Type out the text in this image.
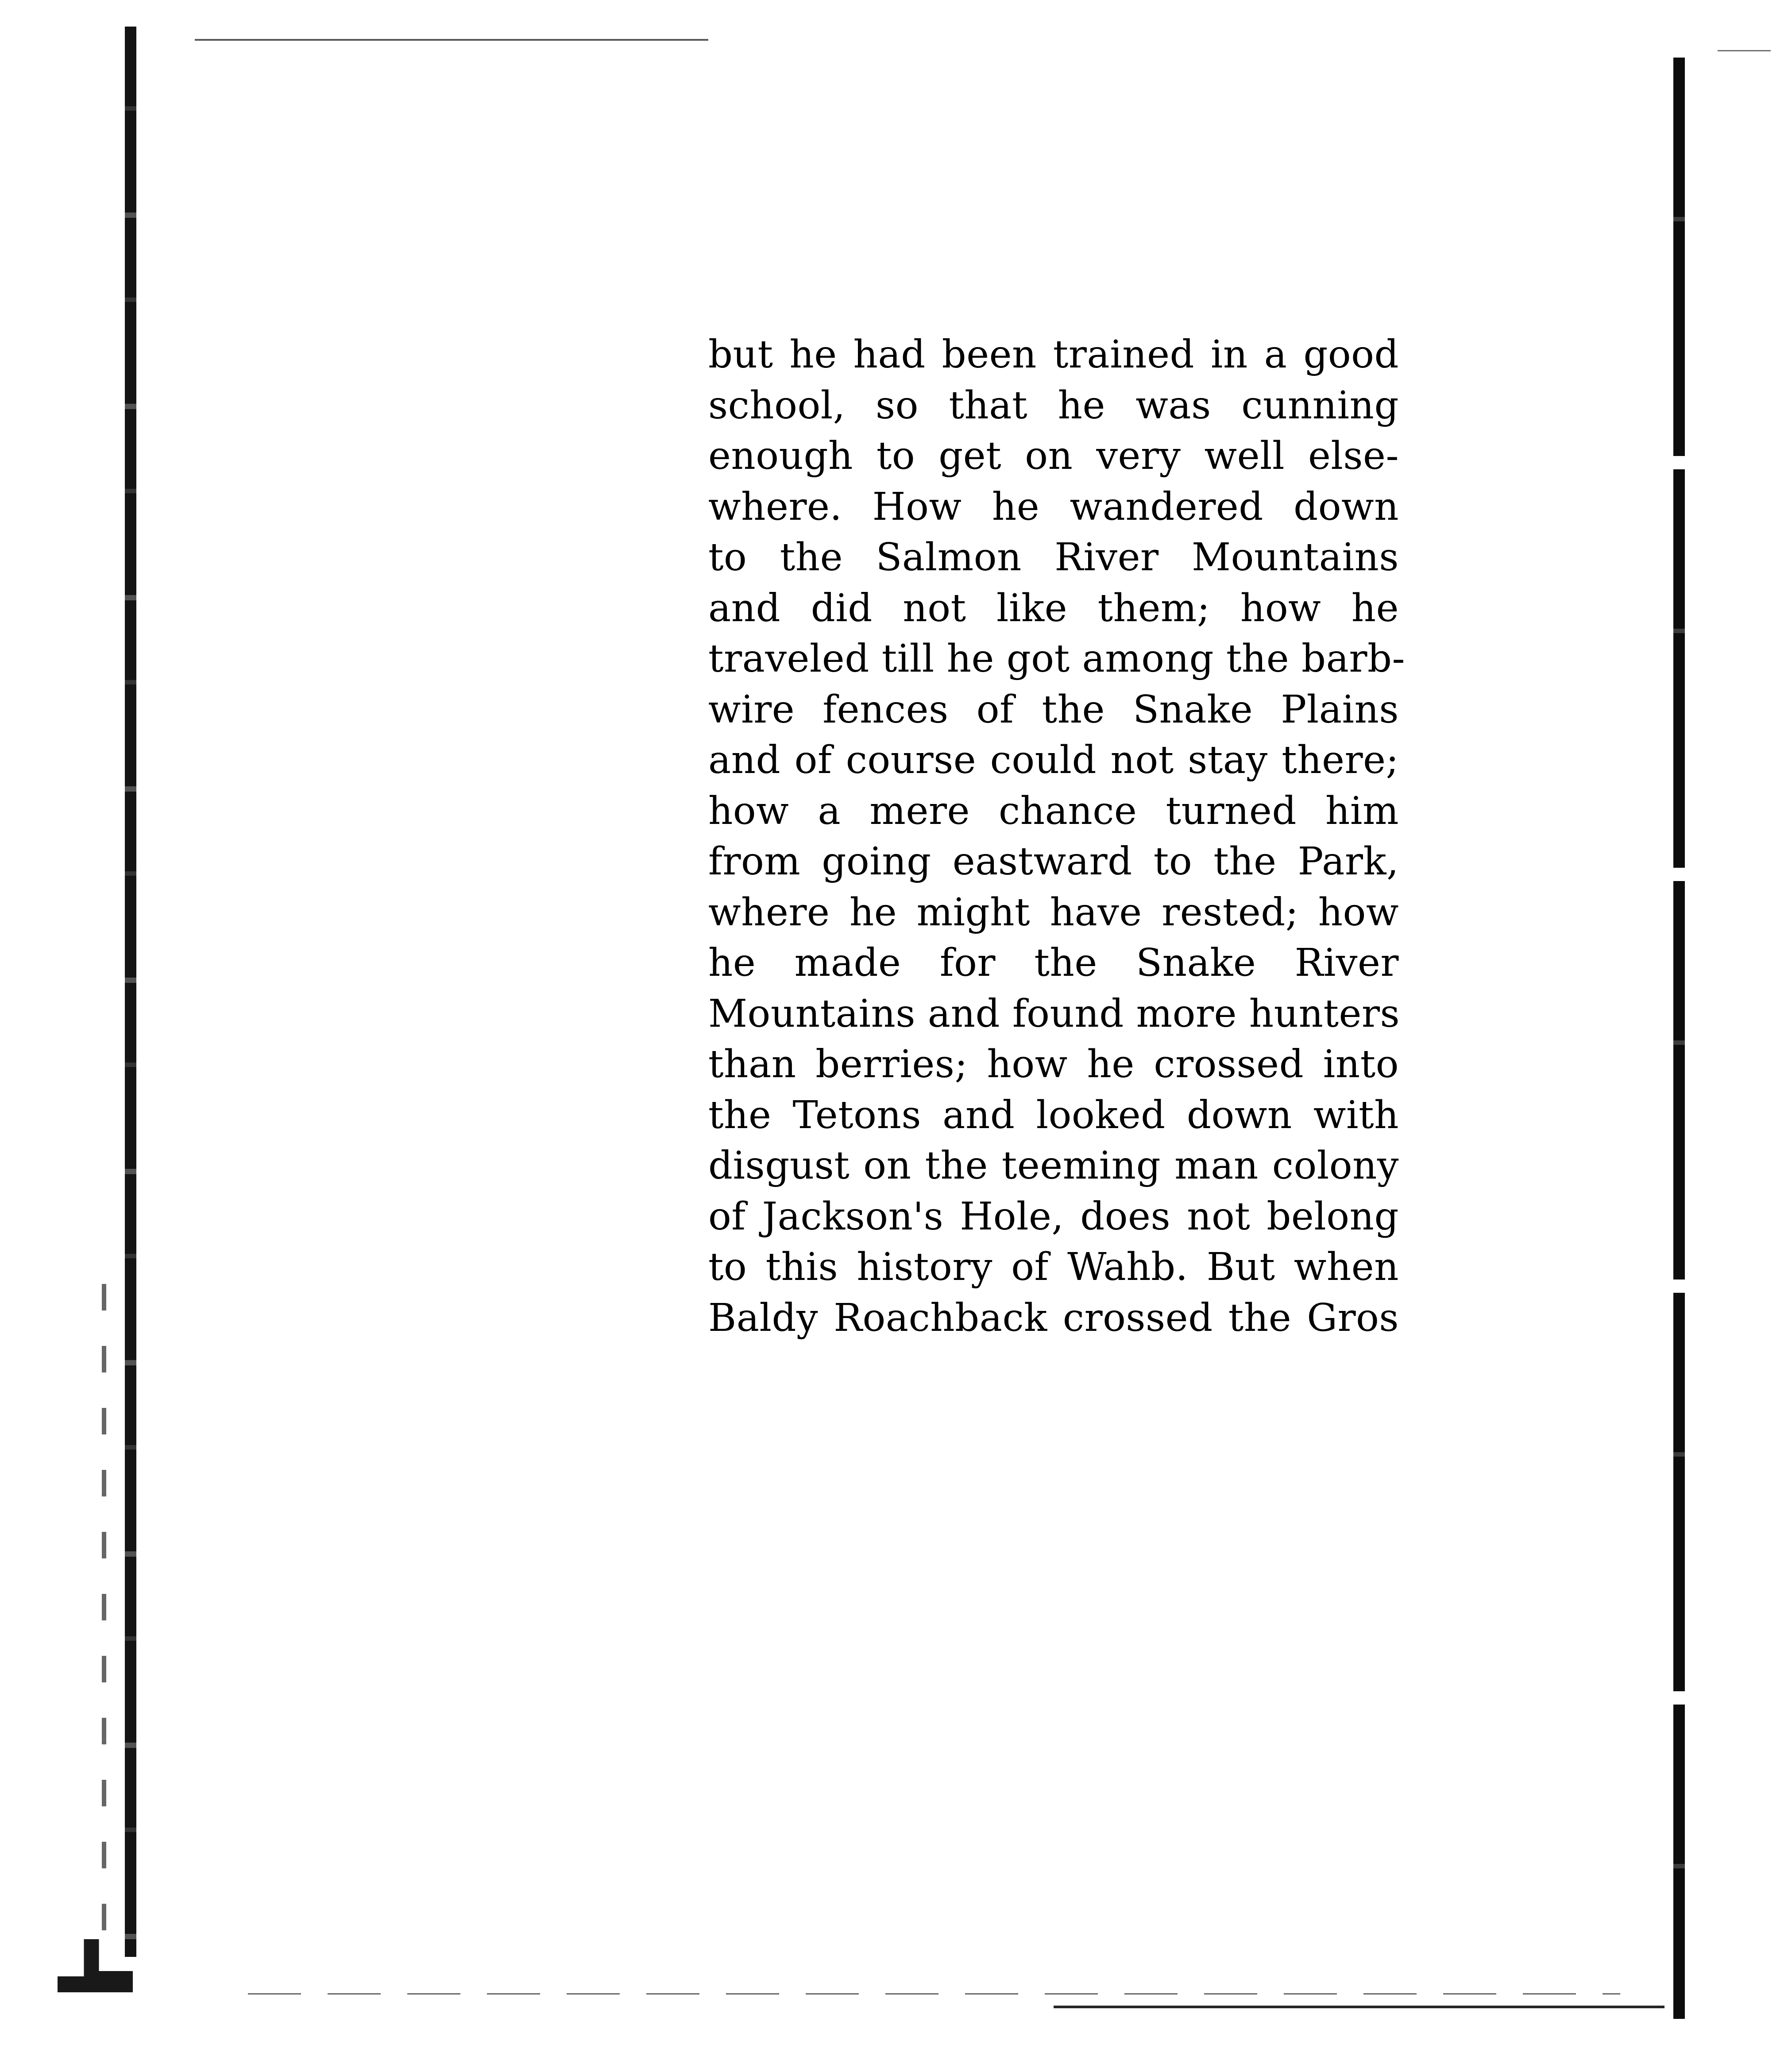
but he had been trained in a good
school, so that he was cunning
enough to get on very well else-
where. How he wandered down
to the Salmon River Mountains
and did not like them; how he
traveled till he got among the barb-
wire fences of the Snake Plains
and of course could not stay there;
how a mere chance turned him
from going eastward to the Park,
where he might have rested; how
he made for the Snake River
Mountains and found more hunters
than berries; how he crossed into
the Tetons and looked down with
disgust on the teeming man colony
of Jackson's Hole, does not belong
to this history of Wahb. But when
Baldy Roachback crossed the Gros
